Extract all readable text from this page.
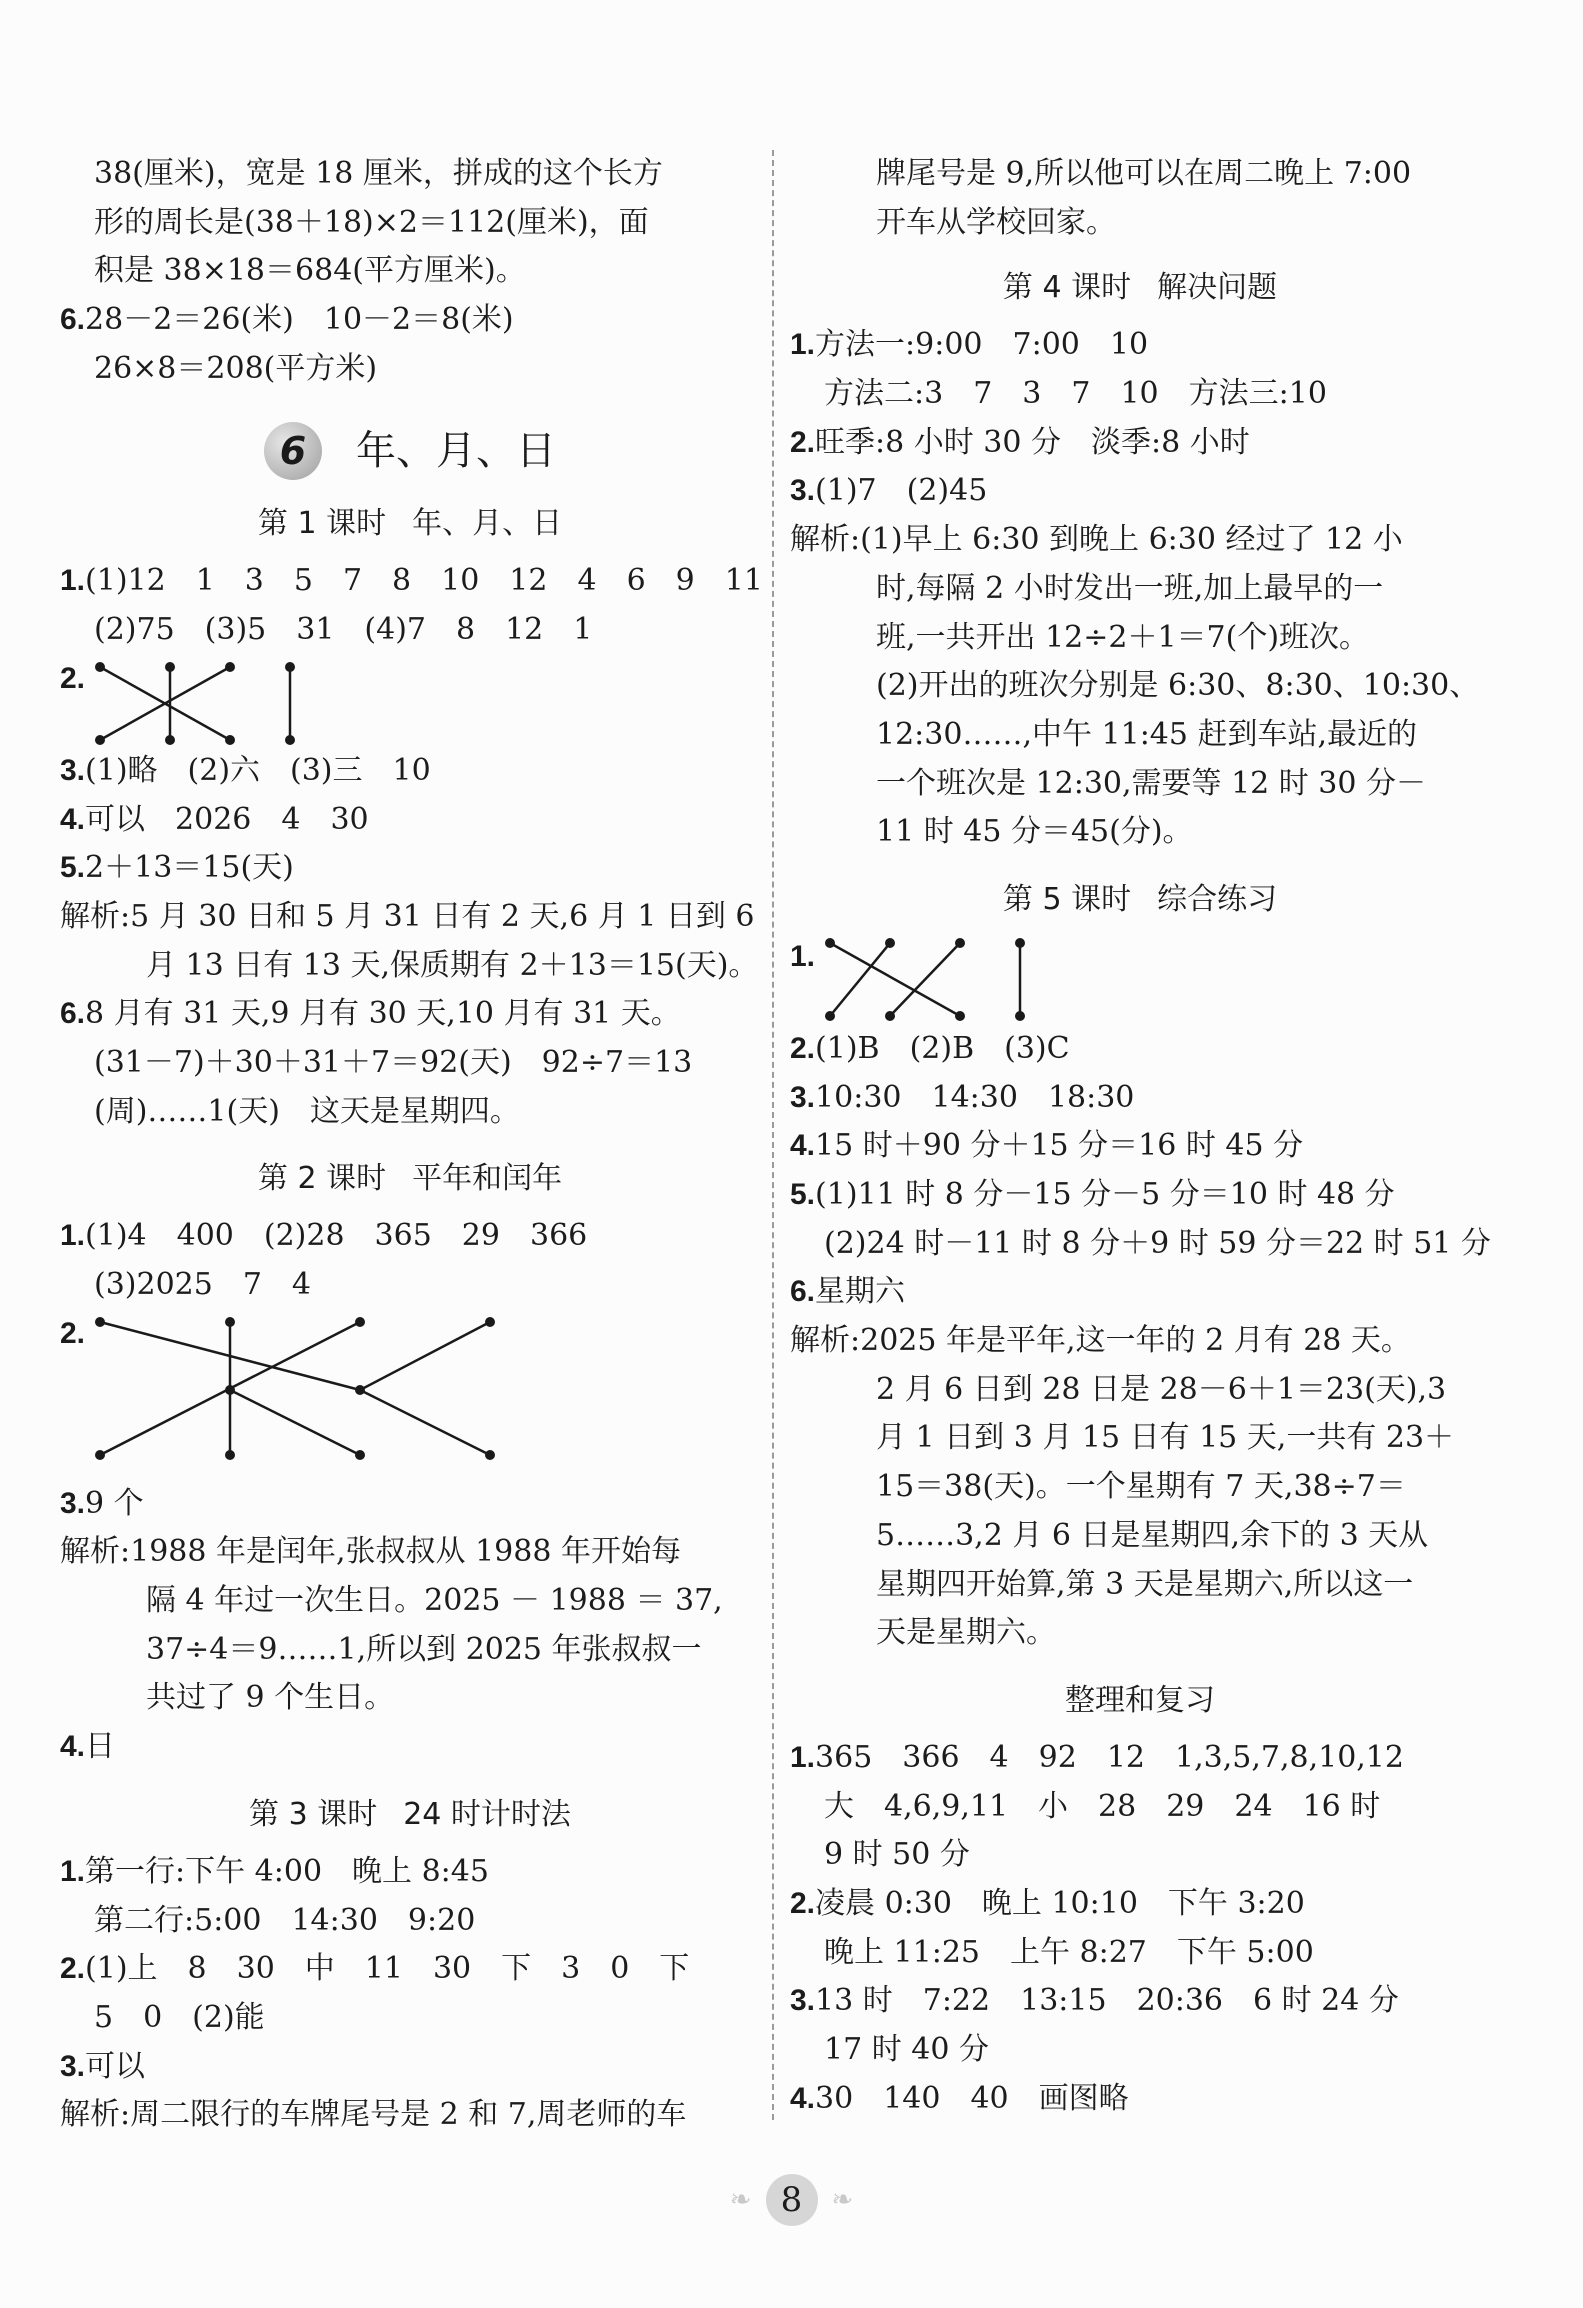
38(厘米)，宽是 18 厘米，拼成的这个长方
形的周长是(38＋18)×2＝112(厘米)，面
积是 38×18＝684(平方厘米)。
6.28－2＝26(米)　10－2＝8(米)
26×8＝208(平方米)
6	年、月、日
第 1 课时 年、月、日
1.(1)12　1　3　5　7　8　10　12　4　6　9　11
(2)75　(3)5　31　(4)7　8　12　1
2.
3.(1)略　(2)六　(3)三　10
4.可以　2026　4　30
5.2＋13＝15(天)
解析:5 月 30 日和 5 月 31 日有 2 天,6 月 1 日到 6
月 13 日有 13 天,保质期有 2＋13＝15(天)。
6.8 月有 31 天,9 月有 30 天,10 月有 31 天。
(31－7)＋30＋31＋7＝92(天)　92÷7＝13
(周)……1(天)　这天是星期四。
第 2 课时 平年和闰年
1.(1)4　400　(2)28　365　29　366
(3)2025　7　4
2.
3.9 个
解析:1988 年是闰年,张叔叔从 1988 年开始每
隔 4 年过一次生日。2025 － 1988 ＝ 37,
37÷4＝9……1,所以到 2025 年张叔叔一
共过了 9 个生日。
4.日
第 3 课时 24 时计时法
1.第一行:下午 4:00　晚上 8:45
第二行:5:00　14:30　9:20
2.(1)上　8　30　中　11　30　下　3　0　下
5　0　(2)能
3.可以
解析:周二限行的车牌尾号是 2 和 7,周老师的车
牌尾号是 9,所以他可以在周二晚上 7:00
开车从学校回家。
第 4 课时 解决问题
1.方法一:9:00　7:00　10
方法二:3　7　3　7　10　方法三:10
2.旺季:8 小时 30 分　淡季:8 小时
3.(1)7　(2)45
解析:(1)早上 6:30 到晚上 6:30 经过了 12 小
时,每隔 2 小时发出一班,加上最早的一
班,一共开出 12÷2＋1＝7(个)班次。
(2)开出的班次分别是 6:30、8:30、10:30、
12:30……,中午 11:45 赶到车站,最近的
一个班次是 12:30,需要等 12 时 30 分－
11 时 45 分＝45(分)。
第 5 课时 综合练习
1.
2.(1)B　(2)B　(3)C
3.10:30　14:30　18:30
4.15 时＋90 分＋15 分＝16 时 45 分
5.(1)11 时 8 分－15 分－5 分＝10 时 48 分
(2)24 时－11 时 8 分＋9 时 59 分＝22 时 51 分
6.星期六
解析:2025 年是平年,这一年的 2 月有 28 天。
2 月 6 日到 28 日是 28－6＋1＝23(天),3
月 1 日到 3 月 15 日有 15 天,一共有 23＋
15＝38(天)。一个星期有 7 天,38÷7＝
5……3,2 月 6 日是星期四,余下的 3 天从
星期四开始算,第 3 天是星期六,所以这一
天是星期六。
整理和复习
1.365　366　4　92　12　1,3,5,7,8,10,12
大　4,6,9,11　小　28　29　24　16 时
9 时 50 分
2.凌晨 0:30　晚上 10:10　下午 3:20
晚上 11:25　上午 8:27　下午 5:00
3.13 时　7:22　13:15　20:36　6 时 24 分
17 时 40 分
4.30　140　40　画图略
❧ 8	❧
